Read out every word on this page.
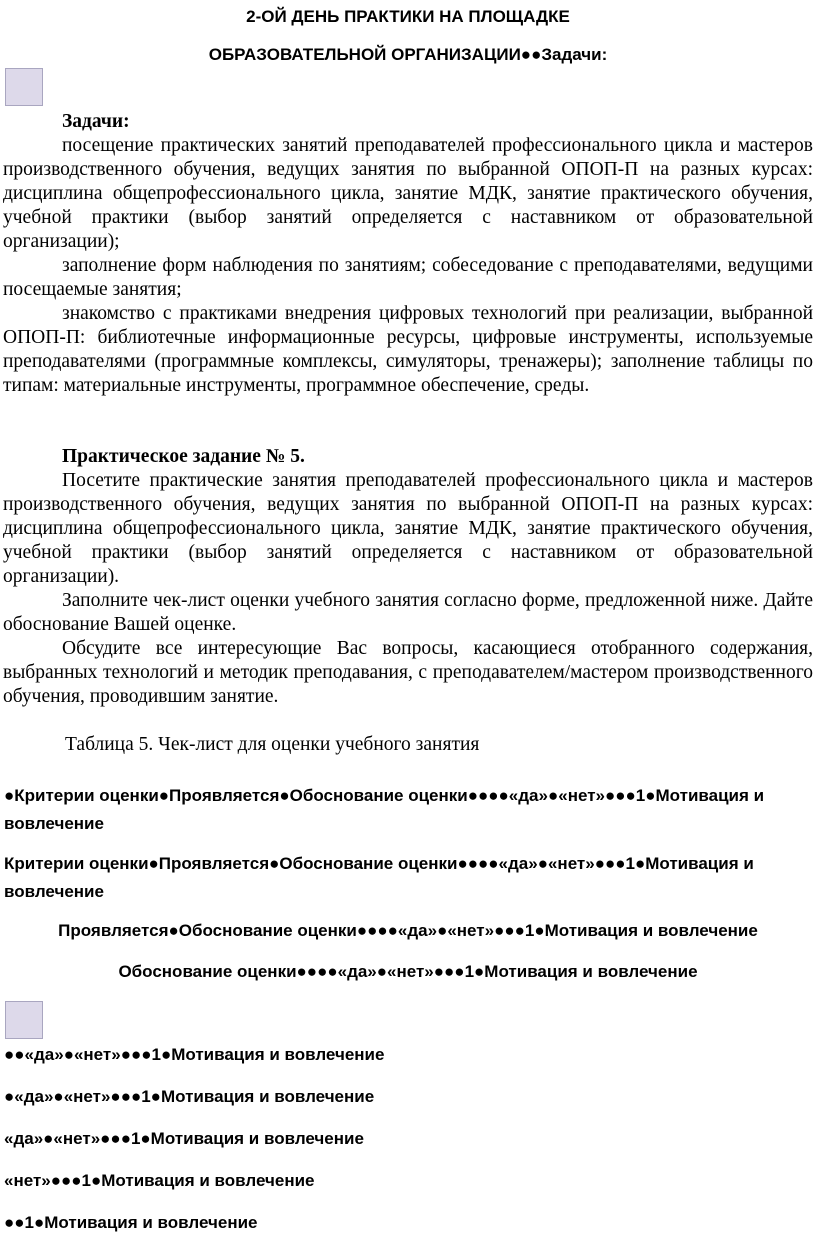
2-ОЙ ДЕНЬ ПРАКТИКИ НА ПЛОЩАДКЕ
ОБРАЗОВАТЕЛЬНОЙ ОРГАНИЗАЦИИ●●Задачи:
Задачи:
посещение практических занятий преподавателей профессионального цикла и мастеров производственного обучения, ведущих занятия по выбранной ОПОП-П на разных курсах: дисциплина общепрофессионального цикла, занятие МДК, занятие практического обучения, учебной практики (выбор занятий определяется с наставником от образовательной организации);
заполнение форм наблюдения по занятиям; собеседование с преподавателями, ведущими посещаемые занятия;
знакомство с практиками внедрения цифровых технологий при реализации, выбранной ОПОП-П: библиотечные информационные ресурсы, цифровые инструменты, используемые преподавателями (программные комплексы, симуляторы, тренажеры); заполнение таблицы по типам: материальные инструменты, программное обеспечение, среды.
Практическое задание № 5.
Посетите практические занятия преподавателей профессионального цикла и мастеров производственного обучения, ведущих занятия по выбранной ОПОП-П на разных курсах: дисциплина общепрофессионального цикла, занятие МДК, занятие практического обучения, учебной практики (выбор занятий определяется с наставником от образовательной организации).
Заполните чек-лист оценки учебного занятия согласно форме, предложенной ниже. Дайте обоснование Вашей оценке.
Обсудите все интересующие Вас вопросы, касающиеся отобранного содержания, выбранных технологий и методик преподавания, с преподавателем/мастером производственного обучения, проводившим занятие.
Таблица 5. Чек-лист для оценки учебного занятия
●Критерии оценки●Проявляется●Обоснование оценки●●●●«да»●«нет»●●●1●Мотивация и вовлечение
Критерии оценки●Проявляется●Обоснование оценки●●●●«да»●«нет»●●●1●Мотивация и вовлечение
Проявляется●Обоснование оценки●●●●«да»●«нет»●●●1●Мотивация и вовлечение
Обоснование оценки●●●●«да»●«нет»●●●1●Мотивация и вовлечение
●●«да»●«нет»●●●1●Мотивация и вовлечение
●«да»●«нет»●●●1●Мотивация и вовлечение
«да»●«нет»●●●1●Мотивация и вовлечение
«нет»●●●1●Мотивация и вовлечение
●●1●Мотивация и вовлечение
